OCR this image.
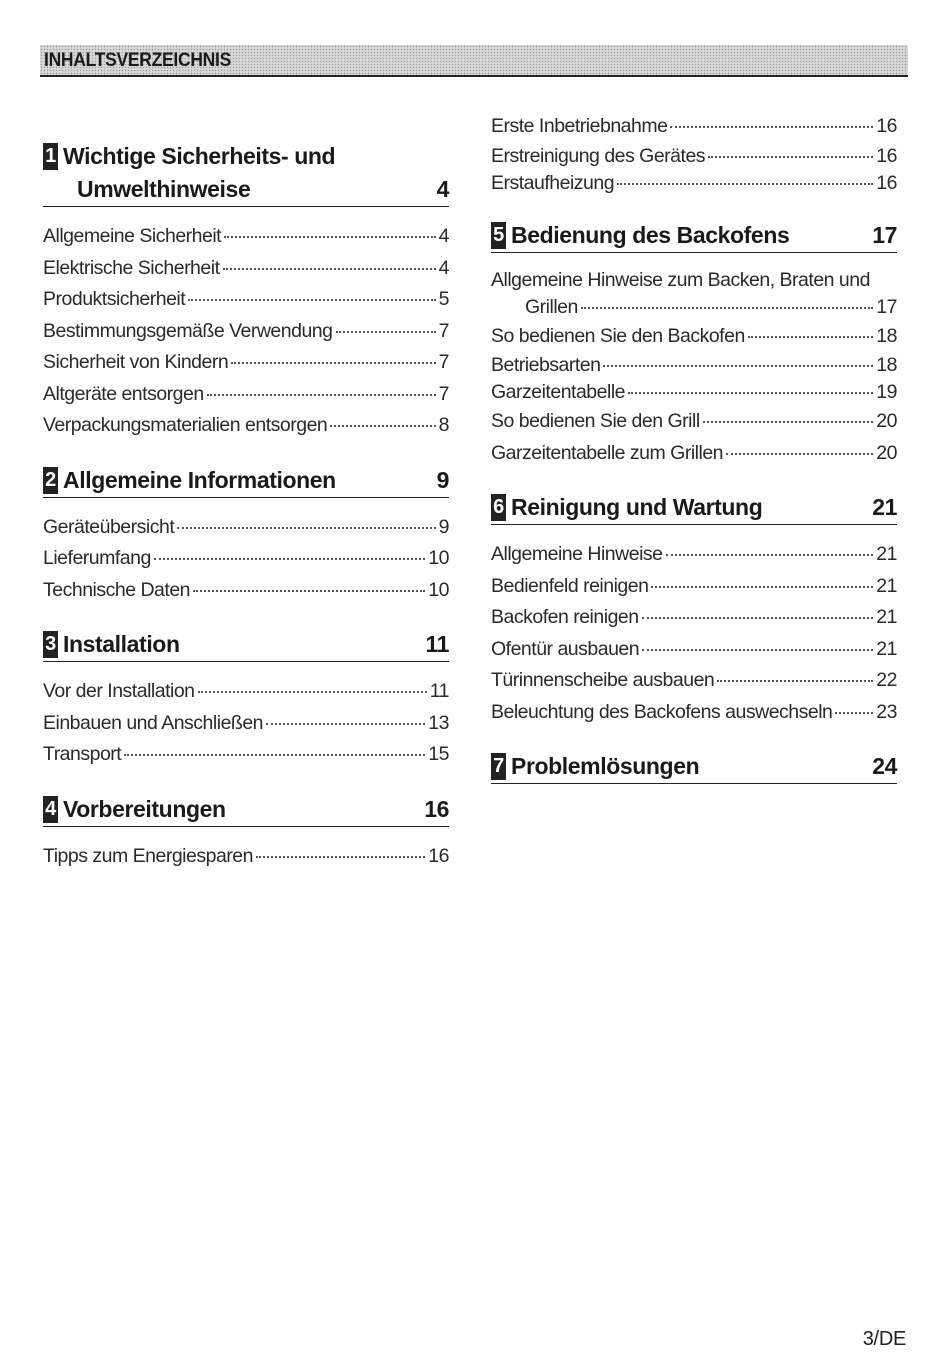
INHALTSVERZEICHNIS
1 Wichtige Sicherheits- und
Umwelthinweise	4
Allgemeine Sicherheit	4
Elektrische Sicherheit	4
Produktsicherheit	5
Bestimmungsgemäße Verwendung	7
Sicherheit von Kindern	7
Altgeräte entsorgen	7
Verpackungsmaterialien entsorgen	8
2 Allgemeine Informationen	9
Geräteübersicht	9
Lieferumfang	10
Technische Daten	10
3 Installation	11
Vor der Installation	11
Einbauen und Anschließen	13
Transport	15
4 Vorbereitungen	16
Tipps zum Energiesparen	16
Erste Inbetriebnahme	16
Erstreinigung des Gerätes	16
Erstaufheizung	16
5 Bedienung des Backofens	17
Allgemeine Hinweise zum Backen, Braten und
Grillen	17
So bedienen Sie den Backofen	18
Betriebsarten	18
Garzeitentabelle	19
So bedienen Sie den Grill	20
Garzeitentabelle zum Grillen	20
6 Reinigung und Wartung	21
Allgemeine Hinweise	21
Bedienfeld reinigen	21
Backofen reinigen	21
Ofentür ausbauen	21
Türinnenscheibe ausbauen	22
Beleuchtung des Backofens auswechseln 23
7 Problemlösungen	24
3/DE
